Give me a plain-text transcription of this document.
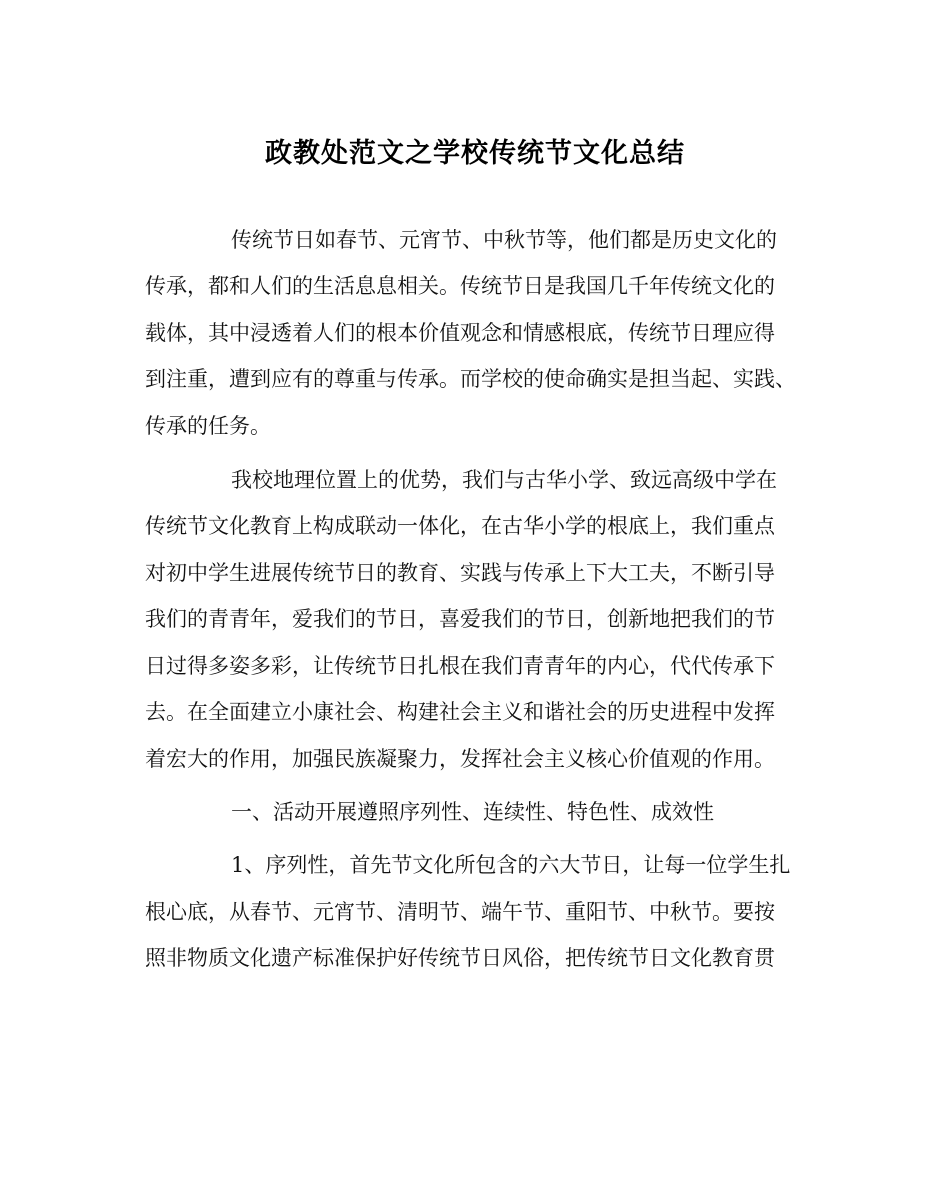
政教处范文之学校传统节文化总结

传统节日如春节、元宵节、中秋节等，他们都是历史文化的

传承，都和人们的生活息息相关。传统节日是我国几千年传统文化的

载体，其中浸透着人们的根本价值观念和情感根底，传统节日理应得

到注重，遭到应有的尊重与传承。而学校的使命确实是担当起、实践、

传承的任务。

我校地理位置上的优势，我们与古华小学、致远高级中学在

传统节文化教育上构成联动一体化，在古华小学的根底上，我们重点

对初中学生进展传统节日的教育、实践与传承上下大工夫，不断引导

我们的青青年，爱我们的节日，喜爱我们的节日，创新地把我们的节

日过得多姿多彩，让传统节日扎根在我们青青年的内心，代代传承下

去。在全面建立小康社会、构建社会主义和谐社会的历史进程中发挥

着宏大的作用，加强民族凝聚力，发挥社会主义核心价值观的作用。

一、活动开展遵照序列性、连续性、特色性、成效性

1、序列性，首先节文化所包含的六大节日，让每一位学生扎

根心底，从春节、元宵节、清明节、端午节、重阳节、中秋节。要按

照非物质文化遗产标准保护好传统节日风俗，把传统节日文化教育贯
